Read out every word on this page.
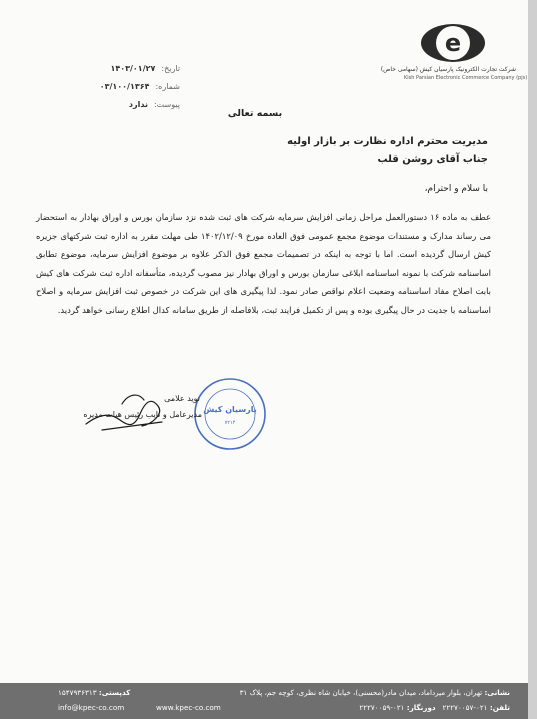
e
شرکت تجارت الکترونیک پارسیان کیش (سهامی خاص)
Kish Parsian Electronic Commerce Company (pjs)
تاریخ:۱۴۰۳/۰۱/۲۷
شماره:۰۳/۱۰۰/۱۳۶۴
پیوست:ندارد
بسمه تعالی
مدیریت محترم اداره نظارت بر بازار اولیه
جناب آقای روشن قلب
با سلام و احترام،
عطف به ماده ۱۶ دستورالعمل مراحل زمانی افزایش سرمایه شرکت های ثبت شده نزد سازمان بورس و اوراق بهادار به استحضار می رساند مدارک و مستندات موضوع مجمع عمومی فوق العاده مورخ ۱۴۰۲/۱۲/۰۹ طی مهلت مقرر به اداره ثبت شرکتهای جزیره کیش ارسال گردیده است. اما با توجه به اینکه در تصمیمات مجمع فوق الذکر علاوه بر موضوع افزایش سرمایه، موضوع تطابق اساسنامه شرکت با نمونه اساسنامه ابلاغی سازمان بورس و اوراق بهادار نیز مصوب گردیده، متأسفانه اداره ثبت شرکت های کیش بابت اصلاح مفاد اساسنامه وضعیت اعلام نواقص صادر نمود. لذا پیگیری های این شرکت در خصوص ثبت افزایش سرمایه و اصلاح اساسنامه با جدیت در حال پیگیری بوده و پس از تکمیل فرایند ثبت، بلافاصله از طریق سامانه کدال اطلاع رسانی خواهد گردید.
پارسیان کیش
۷۲۱۴
نوید علامی
مدیرعامل و نایب رئیس هیات مدیره
نشانی: تهران، بلوار میرداماد، میدان مادر(محسنی)، خیابان شاه نظری، کوچه جم، پلاک ۳۱
کدپستی: ۱۵۴۷۹۳۶۳۱۳
تلفن: ۰۲۱-۲۲۲۷۰۰۵۷   دورنگار: ۰۲۱-۲۲۲۷۰۰۵۹
www.kpec-co.com
info@kpec-co.com
